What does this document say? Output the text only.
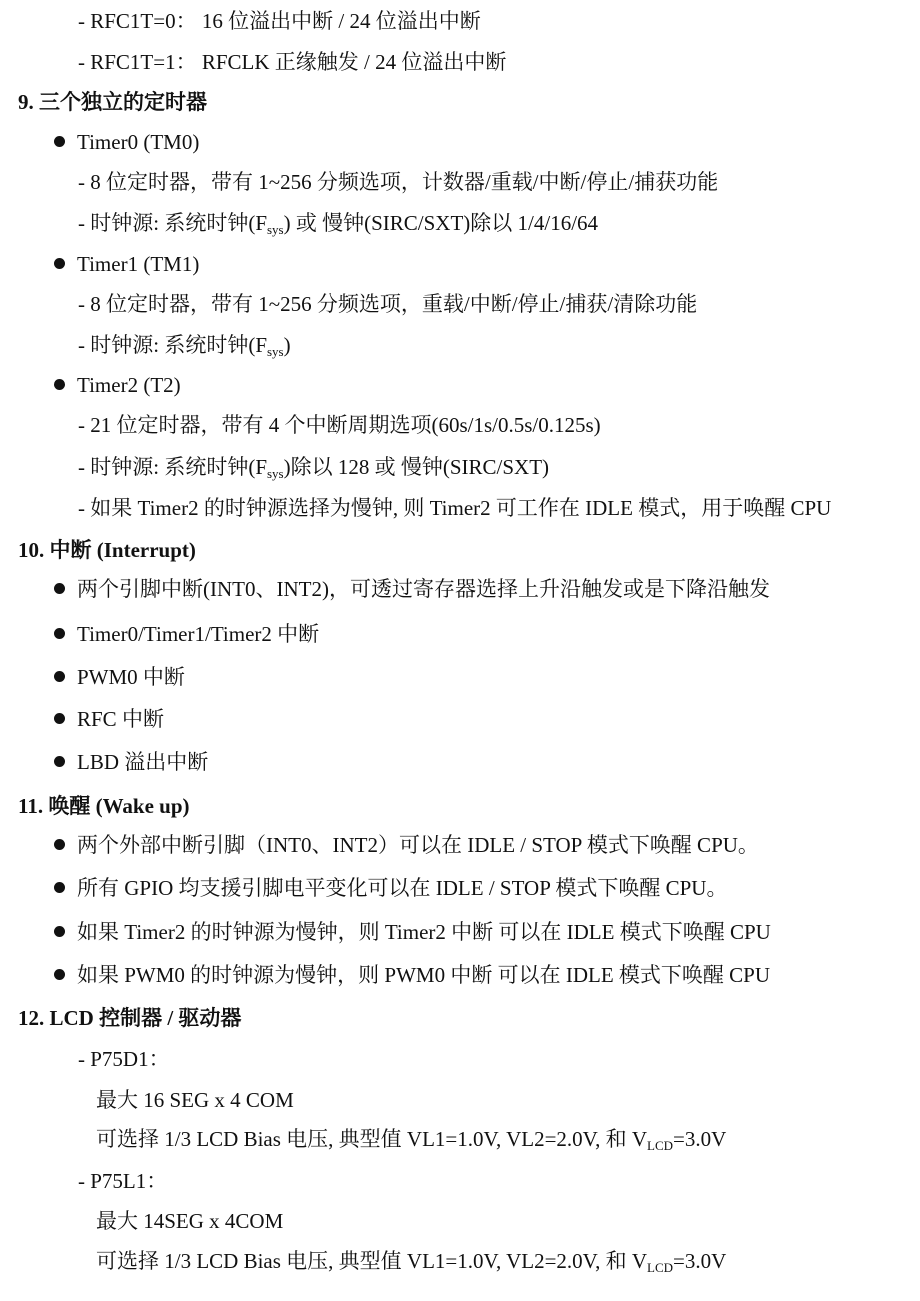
- RFC1T=0： 16 位溢出中断 / 24 位溢出中断
- RFC1T=1： RFCLK 正缘触发 / 24 位溢出中断
9. 三个独立的定时器
Timer0 (TM0)
- 8 位定时器，带有 1~256 分频选项，计数器/重载/中断/停止/捕获功能
- 时钟源: 系统时钟$(F_{sys})$ 或 慢钟(SIRC/SXT)除以 1/4/16/64
Timer1 (TM1)
- 8 位定时器，带有 1~256 分频选项，重载/中断/停止/捕获/清除功能
- 时钟源: 系统时钟$(F_{sys})$
Timer2 (T2)
- 21 位定时器，带有 4 个中断周期选项(60s/1s/0.5s/0.125s)
- 时钟源: 系统时钟$(F_{sys})$除以 128 或 慢钟(SIRC/SXT)
- 如果 Timer2 的时钟源选择为慢钟, 则 Timer2 可工作在 IDLE 模式，用于唤醒 CPU
10. 中断 (Interrupt)
两个引脚中断(INT0、INT2)，可透过寄存器选择上升沿触发或是下降沿触发
Timer0/Timer1/Timer2 中断
PWM0 中断
RFC 中断
LBD 溢出中断
11. 唤醒 (Wake up)
两个外部中断引脚（INT0、INT2）可以在 IDLE / STOP 模式下唤醒 CPU。
所有 GPIO 均支援引脚电平变化可以在 IDLE / STOP 模式下唤醒 CPU。
如果 Timer2 的时钟源为慢钟，则 Timer2 中断 可以在 IDLE 模式下唤醒 CPU
如果 PWM0 的时钟源为慢钟，则 PWM0 中断 可以在 IDLE 模式下唤醒 CPU
12. LCD 控制器 / 驱动器
- P75D1：
最大 16 SEG x 4 COM
可选择 1/3 LCD Bias 电压, 典型值 VL1=1.0V, VL2=2.0V, 和 $V_{LCD}=3.0V$
- P75L1：
最大 14SEG x 4COM
可选择 1/3 LCD Bias 电压, 典型值 VL1=1.0V, VL2=2.0V, 和 $V_{LCD}=3.0V$
